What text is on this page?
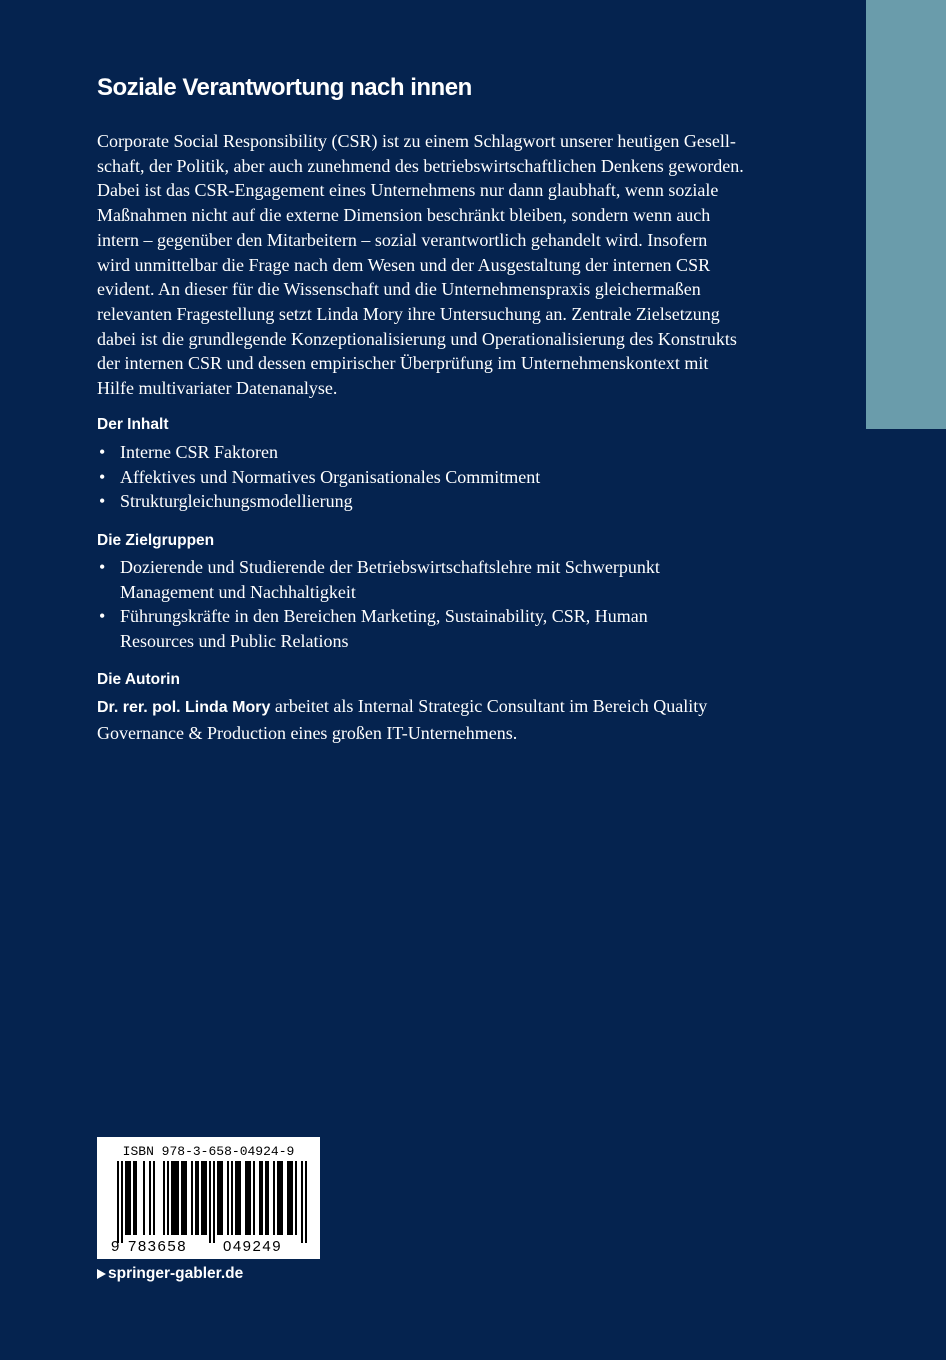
Soziale Verantwortung nach innen
Corporate Social Responsibility (CSR) ist zu einem Schlagwort unserer heutigen Gesell-
schaft, der Politik, aber auch zunehmend des betriebswirtschaftlichen Denkens geworden.
Dabei ist das CSR-Engagement eines Unternehmens nur dann glaubhaft, wenn soziale
Maßnahmen nicht auf die externe Dimension beschränkt bleiben, sondern wenn auch
intern – gegenüber den Mitarbeitern – sozial verantwortlich gehandelt wird. Insofern
wird unmittelbar die Frage nach dem Wesen und der Ausgestaltung der internen CSR
evident. An dieser für die Wissenschaft und die Unternehmenspraxis gleichermaßen
relevanten Fragestellung setzt Linda Mory ihre Untersuchung an. Zentrale Zielsetzung
dabei ist die grundlegende Konzeptionalisierung und Operationalisierung des Konstrukts
der internen CSR und dessen empirischer Überprüfung im Unternehmenskontext mit
Hilfe multivariater Datenanalyse.
Der Inhalt
• Interne CSR Faktoren
• Affektives und Normatives Organisationales Commitment
• Strukturgleichungsmodellierung
Die Zielgruppen
• Dozierende und Studierende der Betriebswirtschaftslehre mit Schwerpunkt
Management und Nachhaltigkeit
• Führungskräfte in den Bereichen Marketing, Sustainability, CSR, Human
Resources und Public Relations
Die Autorin
Dr. rer. pol. Linda Mory arbeitet als Internal Strategic Consultant im Bereich Quality
Governance & Production eines großen IT-Unternehmens.
ISBN 978-3-658-04924-9
9 783658 049249
springer-gabler.de
